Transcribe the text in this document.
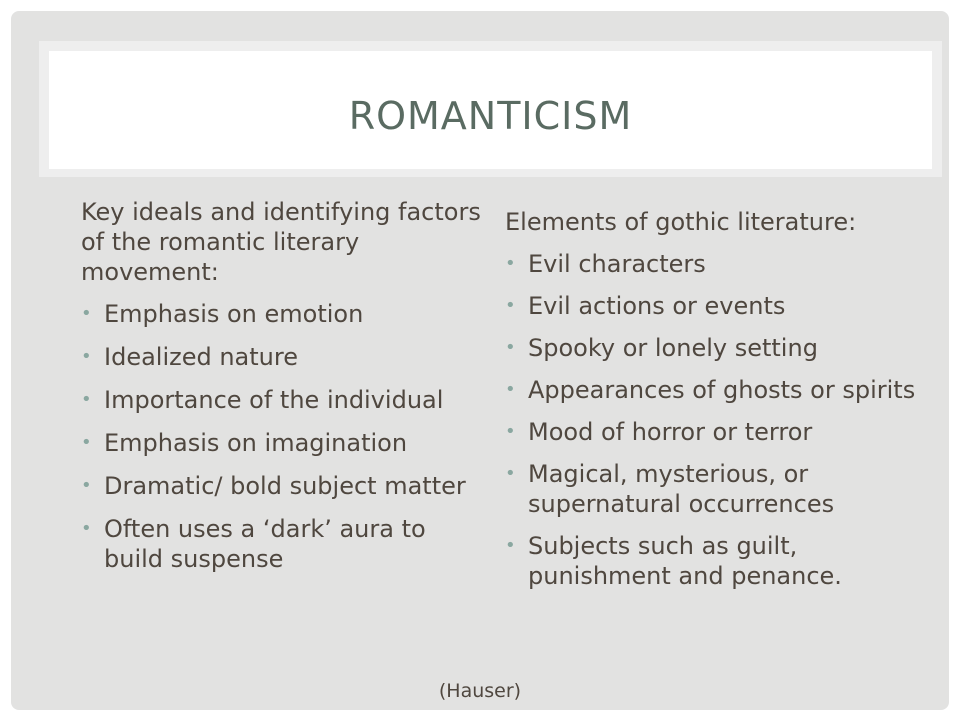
ROMANTICISM
Key ideals and identifying factors of the romantic literary movement:
• Emphasis on emotion
• Idealized nature
• Importance of the individual
• Emphasis on imagination
• Dramatic/ bold subject matter
• Often uses a ‘dark’ aura to build suspense
Elements of gothic literature:
• Evil characters
• Evil actions or events
• Spooky or lonely setting
• Appearances of ghosts or spirits
• Mood of horror or terror
• Magical, mysterious, or supernatural occurrences
• Subjects such as guilt, punishment and penance.
(Hauser)
